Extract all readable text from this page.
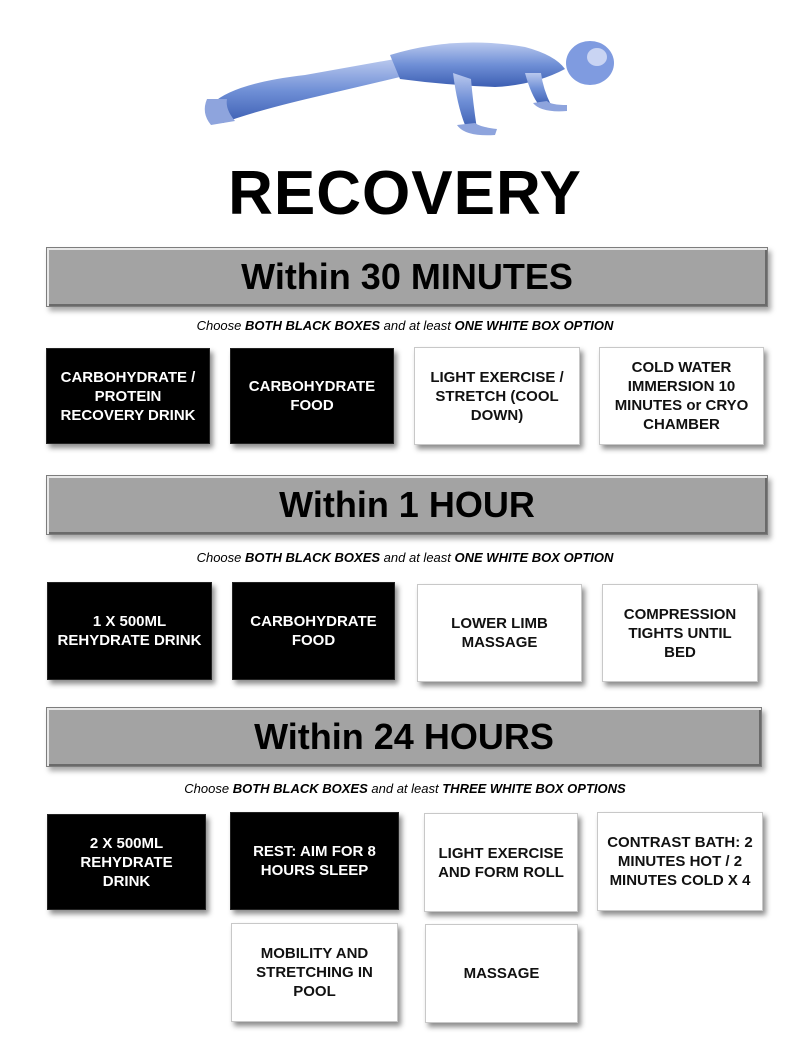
RECOVERY
Within 30 MINUTES
Choose BOTH BLACK BOXES and at least ONE WHITE BOX OPTION
CARBOHYDRATE / PROTEIN RECOVERY DRINK
CARBOHYDRATE FOOD
LIGHT EXERCISE / STRETCH (COOL DOWN)
COLD WATER IMMERSION 10 MINUTES or CRYO CHAMBER
Within 1 HOUR
Choose BOTH BLACK BOXES and at least ONE WHITE BOX OPTION
1 X 500ML REHYDRATE DRINK
CARBOHYDRATE FOOD
LOWER LIMB MASSAGE
COMPRESSION TIGHTS UNTIL BED
Within 24 HOURS
Choose BOTH BLACK BOXES and at least THREE WHITE BOX OPTIONS
2 X 500ML REHYDRATE DRINK
REST: AIM FOR 8 HOURS SLEEP
LIGHT EXERCISE AND FORM ROLL
CONTRAST BATH: 2 MINUTES HOT / 2 MINUTES COLD X 4
MOBILITY AND STRETCHING IN POOL
MASSAGE
